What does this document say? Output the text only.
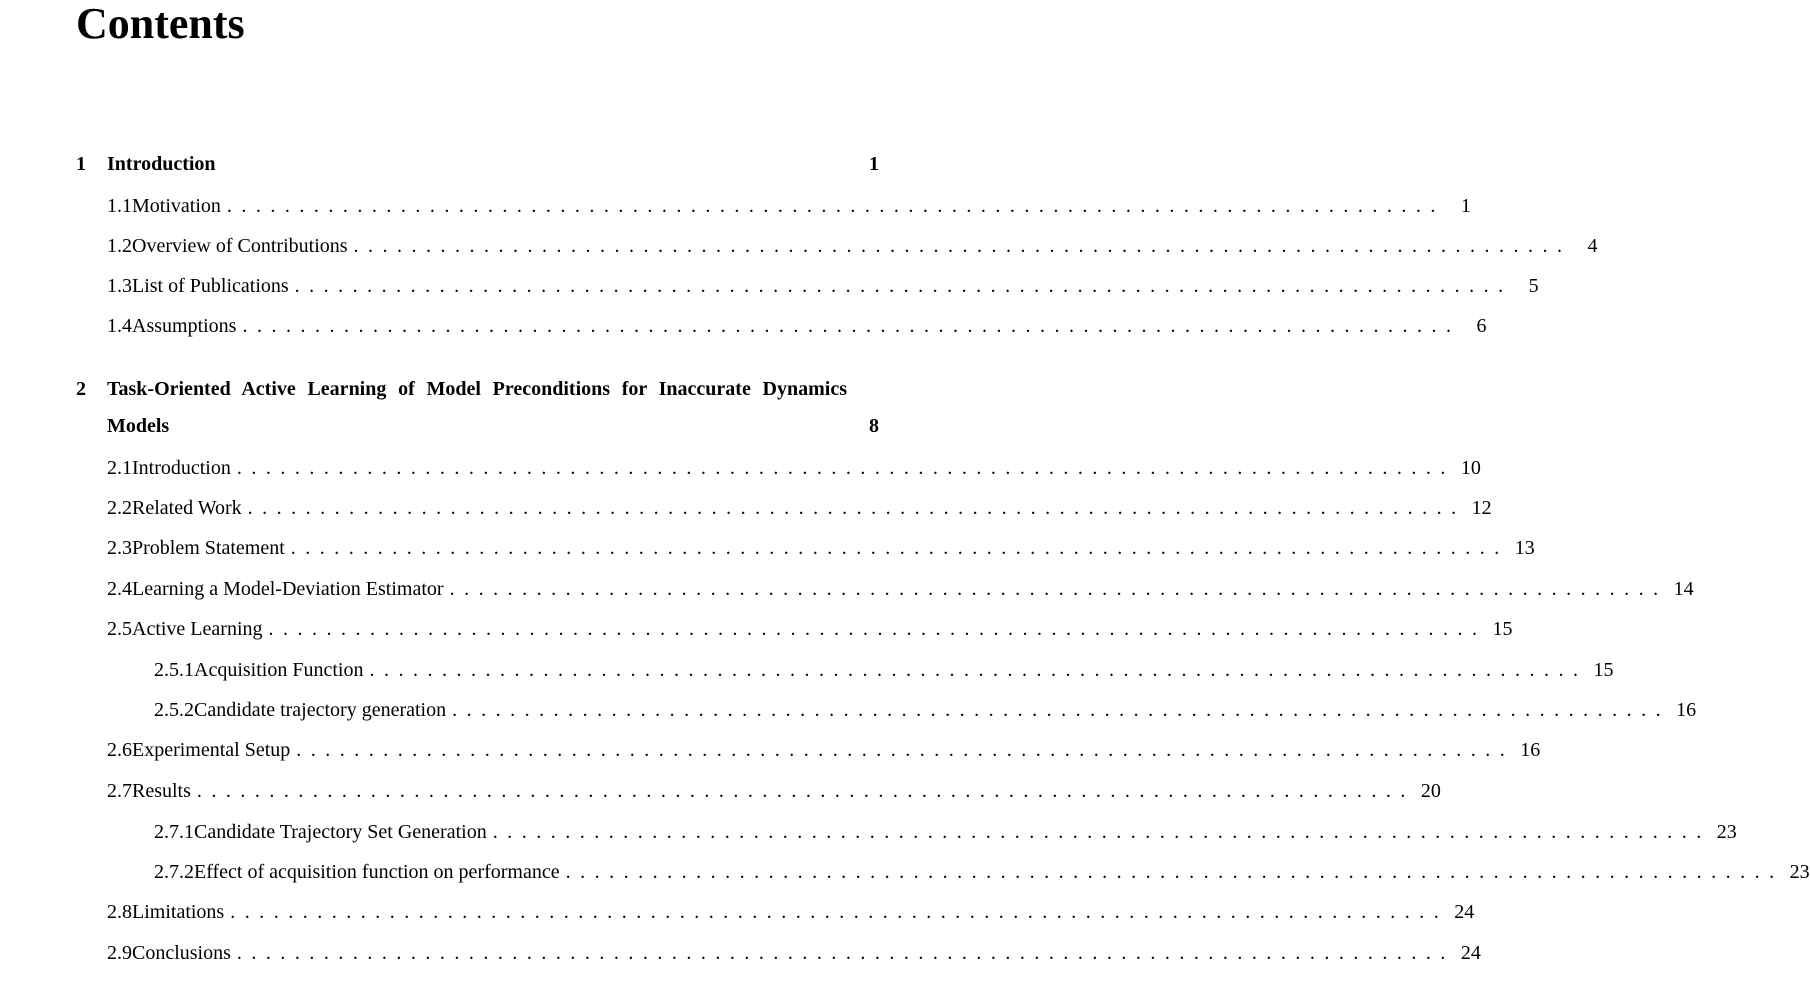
Contents
1 Introduction	1
1.1 Motivation .................................................................................... 1
1.2 Overview of Contributions .................................................................................... 4
1.3 List of Publications .................................................................................... 5
1.4 Assumptions .................................................................................... 6
2 Task-Oriented Active Learning of Model Preconditions for Inaccurate Dynamics
Models	8
2.1 Introduction .................................................................................... 10
2.2 Related Work .................................................................................... 12
2.3 Problem Statement .................................................................................... 13
2.4 Learning a Model-Deviation Estimator .................................................................................... 14
2.5 Active Learning .................................................................................... 15
2.5.1 Acquisition Function .................................................................................... 15
2.5.2 Candidate trajectory generation .................................................................................... 16
2.6 Experimental Setup .................................................................................... 16
2.7 Results .................................................................................... 20
2.7.1 Candidate Trajectory Set Generation .................................................................................... 23
2.7.2 Effect of acquisition function on performance .................................................................................... 23
2.8 Limitations .................................................................................... 24
2.9 Conclusions .................................................................................... 24
